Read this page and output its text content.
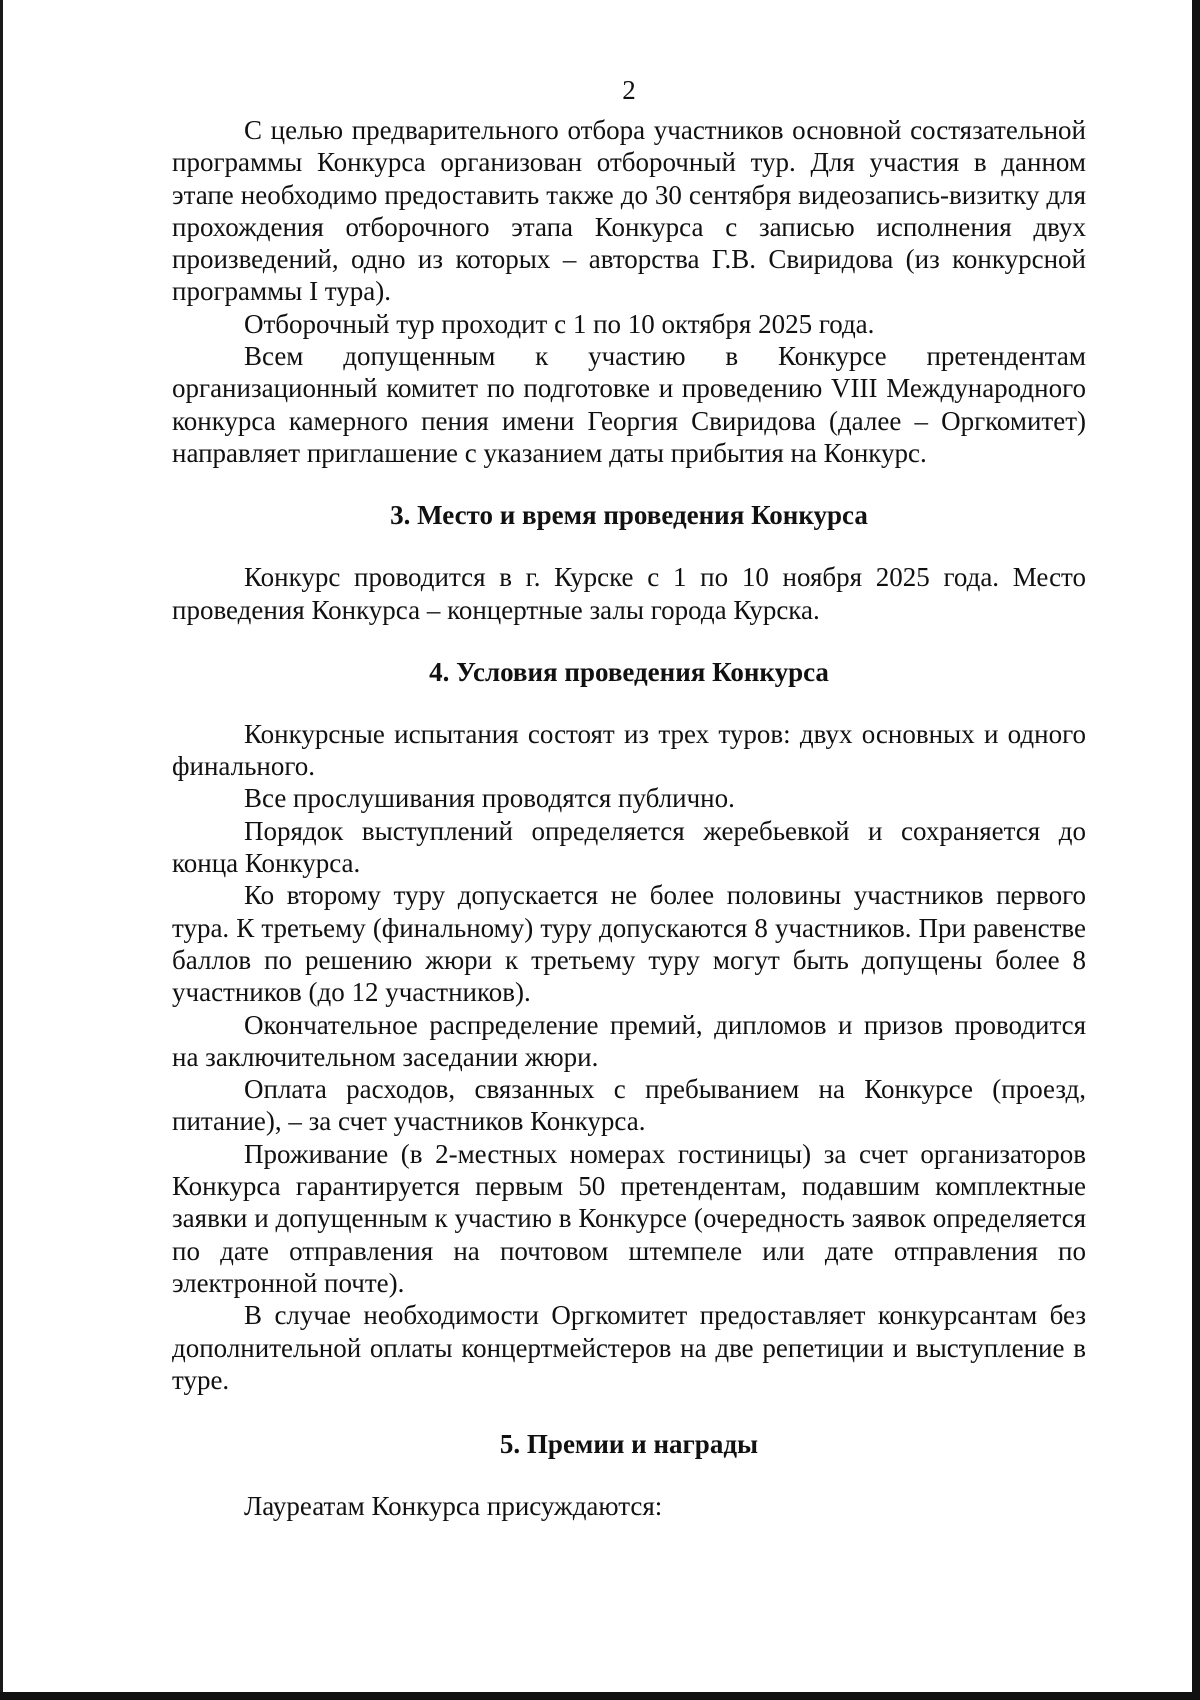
2

С целью предварительного отбора участников основной состязательной программы Конкурса организован отборочный тур. Для участия в данном этапе необходимо предоставить также до 30 сентября видеозапись-визитку для прохождения отборочного этапа Конкурса с записью исполнения двух произведений, одно из которых – авторства Г.В. Свиридова (из конкурсной программы I тура).

Отборочный тур проходит с 1 по 10 октября 2025 года.

Всем допущенным к участию в Конкурсе претендентам организационный комитет по подготовке и проведению VIII Международного конкурса камерного пения имени Георгия Свиридова (далее – Оргкомитет) направляет приглашение с указанием даты прибытия на Конкурс.

3. Место и время проведения Конкурса

Конкурс проводится в г. Курске с 1 по 10 ноября 2025 года. Место проведения Конкурса – концертные залы города Курска.

4. Условия проведения Конкурса

Конкурсные испытания состоят из трех туров: двух основных и одного финального.

Все прослушивания проводятся публично.

Порядок выступлений определяется жеребьевкой и сохраняется до конца Конкурса.

Ко второму туру допускается не более половины участников первого тура. К третьему (финальному) туру допускаются 8 участников. При равенстве баллов по решению жюри к третьему туру могут быть допущены более 8 участников (до 12 участников).

Окончательное распределение премий, дипломов и призов проводится на заключительном заседании жюри.

Оплата расходов, связанных с пребыванием на Конкурсе (проезд, питание), – за счет участников Конкурса.

Проживание (в 2-местных номерах гостиницы) за счет организаторов Конкурса гарантируется первым 50 претендентам, подавшим комплектные заявки и допущенным к участию в Конкурсе (очередность заявок определяется по дате отправления на почтовом штемпеле или дате отправления по электронной почте).

В случае необходимости Оргкомитет предоставляет конкурсантам без дополнительной оплаты концертмейстеров на две репетиции и выступление в туре.

5. Премии и награды

Лауреатам Конкурса присуждаются:
